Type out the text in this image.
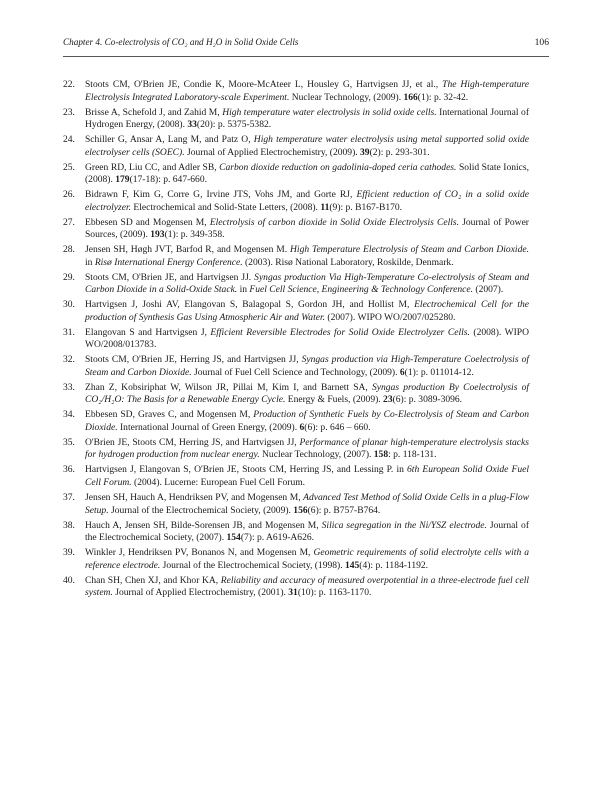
Chapter 4. Co-electrolysis of CO₂ and H₂O in Solid Oxide Cells	106
22. Stoots CM, O'Brien JE, Condie K, Moore-McAteer L, Housley G, Hartvigsen JJ, et al., The High-temperature Electrolysis Integrated Laboratory-scale Experiment. Nuclear Technology, (2009). 166(1): p. 32-42.
23. Brisse A, Schefold J, and Zahid M, High temperature water electrolysis in solid oxide cells. International Journal of Hydrogen Energy, (2008). 33(20): p. 5375-5382.
24. Schiller G, Ansar A, Lang M, and Patz O, High temperature water electrolysis using metal supported solid oxide electrolyser cells (SOEC). Journal of Applied Electrochemistry, (2009). 39(2): p. 293-301.
25. Green RD, Liu CC, and Adler SB, Carbon dioxide reduction on gadolinia-doped ceria cathodes. Solid State Ionics, (2008). 179(17-18): p. 647-660.
26. Bidrawn F, Kim G, Corre G, Irvine JTS, Vohs JM, and Gorte RJ, Efficient reduction of CO₂ in a solid oxide electrolyzer. Electrochemical and Solid-State Letters, (2008). 11(9): p. B167-B170.
27. Ebbesen SD and Mogensen M, Electrolysis of carbon dioxide in Solid Oxide Electrolysis Cells. Journal of Power Sources, (2009). 193(1): p. 349-358.
28. Jensen SH, Høgh JVT, Barfod R, and Mogensen M. High Temperature Electrolysis of Steam and Carbon Dioxide. in Risø International Energy Conference. (2003). Risø National Laboratory, Roskilde, Denmark.
29. Stoots CM, O'Brien JE, and Hartvigsen JJ. Syngas production Via High-Temperature Co-electrolysis of Steam and Carbon Dioxide in a Solid-Oxide Stack. in Fuel Cell Science, Engineering & Technology Conference. (2007).
30. Hartvigsen J, Joshi AV, Elangovan S, Balagopal S, Gordon JH, and Hollist M, Electrochemical Cell for the production of Synthesis Gas Using Atmospheric Air and Water. (2007). WIPO WO/2007/025280.
31. Elangovan S and Hartvigsen J, Efficient Reversible Electrodes for Solid Oxide Electrolyzer Cells. (2008). WIPO WO/2008/013783.
32. Stoots CM, O'Brien JE, Herring JS, and Hartvigsen JJ, Syngas production via High-Temperature Coelectrolysis of Steam and Carbon Dioxide. Journal of Fuel Cell Science and Technology, (2009). 6(1): p. 011014-12.
33. Zhan Z, Kobsiriphat W, Wilson JR, Pillai M, Kim I, and Barnett SA, Syngas production By Coelectrolysis of CO₂/H₂O: The Basis for a Renewable Energy Cycle. Energy & Fuels, (2009). 23(6): p. 3089-3096.
34. Ebbesen SD, Graves C, and Mogensen M, Production of Synthetic Fuels by Co-Electrolysis of Steam and Carbon Dioxide. International Journal of Green Energy, (2009). 6(6): p. 646 – 660.
35. O'Brien JE, Stoots CM, Herring JS, and Hartvigsen JJ, Performance of planar high-temperature electrolysis stacks for hydrogen production from nuclear energy. Nuclear Technology, (2007). 158: p. 118-131.
36. Hartvigsen J, Elangovan S, O'Brien JE, Stoots CM, Herring JS, and Lessing P. in 6th European Solid Oxide Fuel Cell Forum. (2004). Lucerne: European Fuel Cell Forum.
37. Jensen SH, Hauch A, Hendriksen PV, and Mogensen M, Advanced Test Method of Solid Oxide Cells in a plug-Flow Setup. Journal of the Electrochemical Society, (2009). 156(6): p. B757-B764.
38. Hauch A, Jensen SH, Bilde-Sorensen JB, and Mogensen M, Silica segregation in the Ni/YSZ electrode. Journal of the Electrochemical Society, (2007). 154(7): p. A619-A626.
39. Winkler J, Hendriksen PV, Bonanos N, and Mogensen M, Geometric requirements of solid electrolyte cells with a reference electrode. Journal of the Electrochemical Society, (1998). 145(4): p. 1184-1192.
40. Chan SH, Chen XJ, and Khor KA, Reliability and accuracy of measured overpotential in a three-electrode fuel cell system. Journal of Applied Electrochemistry, (2001). 31(10): p. 1163-1170.
